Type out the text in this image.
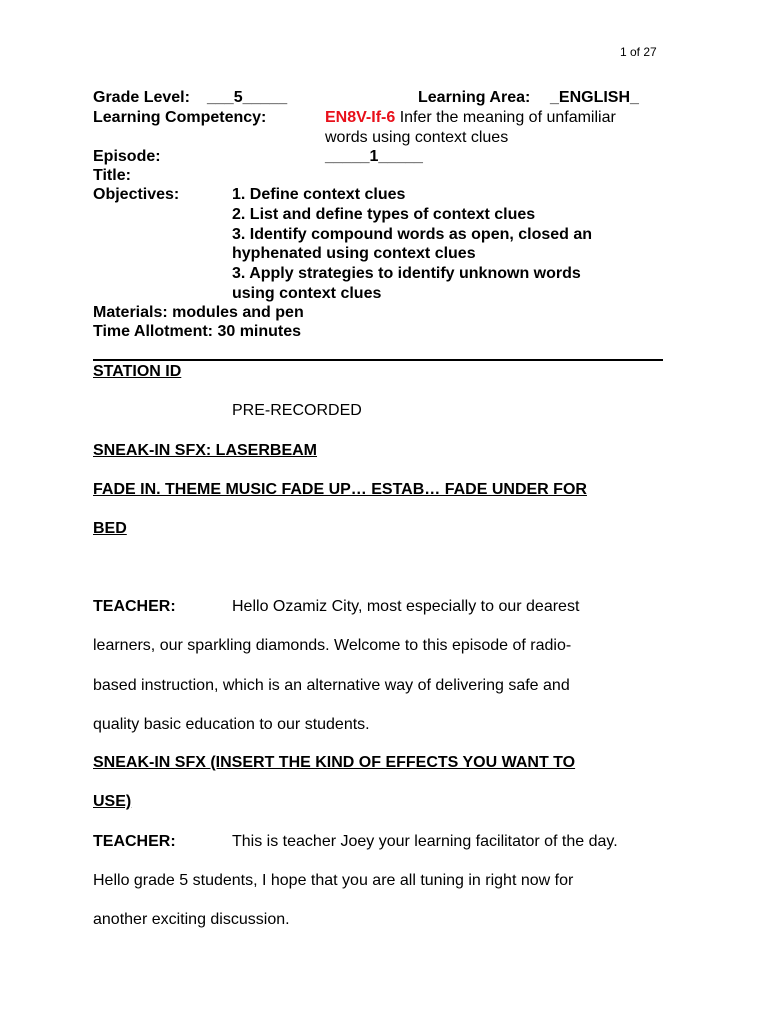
1 of 27
Grade Level: ___5_____	Learning Area: _ENGLISH_
Learning Competency:	EN8V-If-6 Infer the meaning of unfamiliar
words using context clues
Episode:	_____1_____
Title:
Objectives:	1. Define context clues
2. List and define types of context clues
3. Identify compound words as open, closed an
hyphenated using context clues
3. Apply strategies to identify unknown words
using context clues
Materials: modules and pen
Time Allotment: 30 minutes
STATION ID
PRE-RECORDED
SNEAK-IN SFX: LASERBEAM
FADE IN. THEME MUSIC FADE UP… ESTAB… FADE UNDER FOR
BED
TEACHER:	Hello Ozamiz City, most especially to our dearest
learners, our sparkling diamonds. Welcome to this episode of radio-
based instruction, which is an alternative way of delivering safe and
quality basic education to our students.
SNEAK-IN SFX (INSERT THE KIND OF EFFECTS YOU WANT TO
USE)
TEACHER:	This is teacher Joey your learning facilitator of the day.
Hello grade 5 students, I hope that you are all tuning in right now for
another exciting discussion.
